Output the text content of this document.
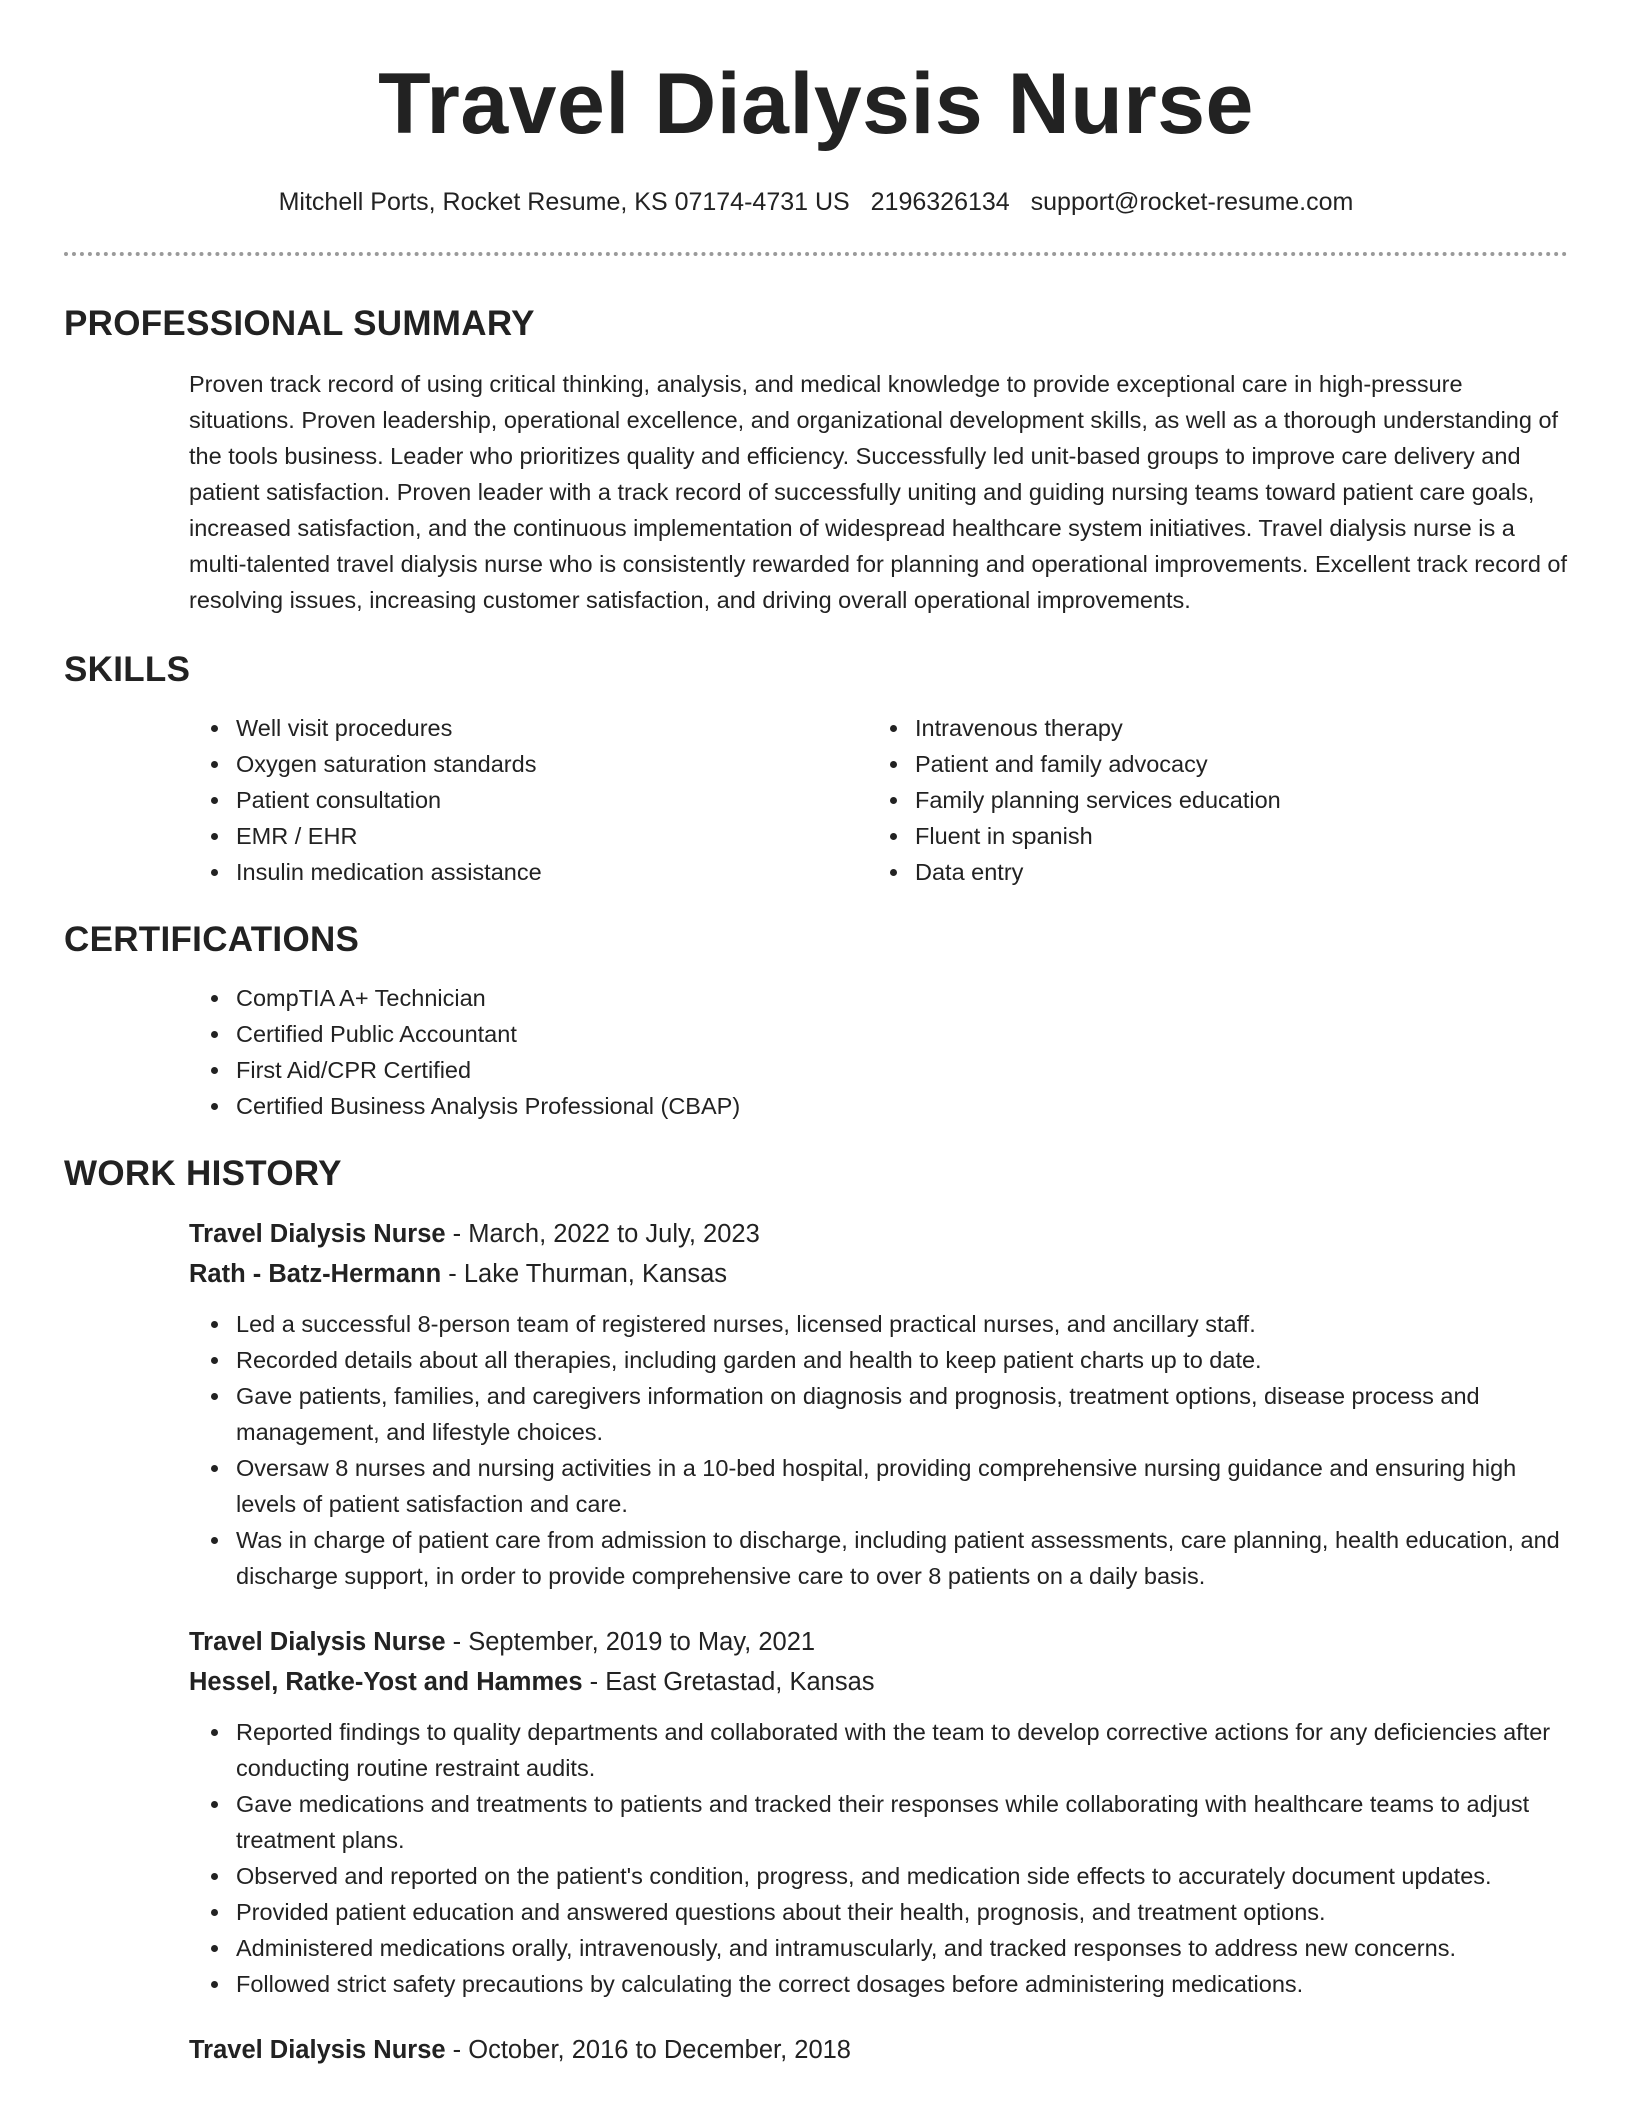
Travel Dialysis Nurse
Mitchell Ports, Rocket Resume, KS 07174-4731 US 2196326134 support@rocket-resume.com
PROFESSIONAL SUMMARY

Proven track record of using critical thinking, analysis, and medical knowledge to provide exceptional care in high-pressure situations. Proven leadership, operational excellence, and organizational development skills, as well as a thorough understanding of the tools business. Leader who prioritizes quality and efficiency. Successfully led unit-based groups to improve care delivery and patient satisfaction. Proven leader with a track record of successfully uniting and guiding nursing teams toward patient care goals, increased satisfaction, and the continuous implementation of widespread healthcare system initiatives. Travel dialysis nurse is a multi-talented travel dialysis nurse who is consistently rewarded for planning and operational improvements. Excellent track record of resolving issues, increasing customer satisfaction, and driving overall operational improvements.

SKILLS
• Well visit procedures
• Oxygen saturation standards
• Patient consultation
• EMR / EHR
• Insulin medication assistance
• Intravenous therapy
• Patient and family advocacy
• Family planning services education
• Fluent in spanish
• Data entry
CERTIFICATIONS
• CompTIA A+ Technician
• Certified Public Accountant
• First Aid/CPR Certified
• Certified Business Analysis Professional (CBAP)
WORK HISTORY
Travel Dialysis Nurse - March, 2022 to July, 2023
Rath - Batz-Hermann - Lake Thurman, Kansas
• Led a successful 8-person team of registered nurses, licensed practical nurses, and ancillary staff.
• Recorded details about all therapies, including garden and health to keep patient charts up to date.
• Gave patients, families, and caregivers information on diagnosis and prognosis, treatment options, disease process and management, and lifestyle choices.
• Oversaw 8 nurses and nursing activities in a 10-bed hospital, providing comprehensive nursing guidance and ensuring high levels of patient satisfaction and care.
• Was in charge of patient care from admission to discharge, including patient assessments, care planning, health education, and discharge support, in order to provide comprehensive care to over 8 patients on a daily basis.
Travel Dialysis Nurse - September, 2019 to May, 2021
Hessel, Ratke-Yost and Hammes - East Gretastad, Kansas
• Reported findings to quality departments and collaborated with the team to develop corrective actions for any deficiencies after conducting routine restraint audits.
• Gave medications and treatments to patients and tracked their responses while collaborating with healthcare teams to adjust treatment plans.
• Observed and reported on the patient's condition, progress, and medication side effects to accurately document updates.
• Provided patient education and answered questions about their health, prognosis, and treatment options.
• Administered medications orally, intravenously, and intramuscularly, and tracked responses to address new concerns.
• Followed strict safety precautions by calculating the correct dosages before administering medications.
Travel Dialysis Nurse - October, 2016 to December, 2018
